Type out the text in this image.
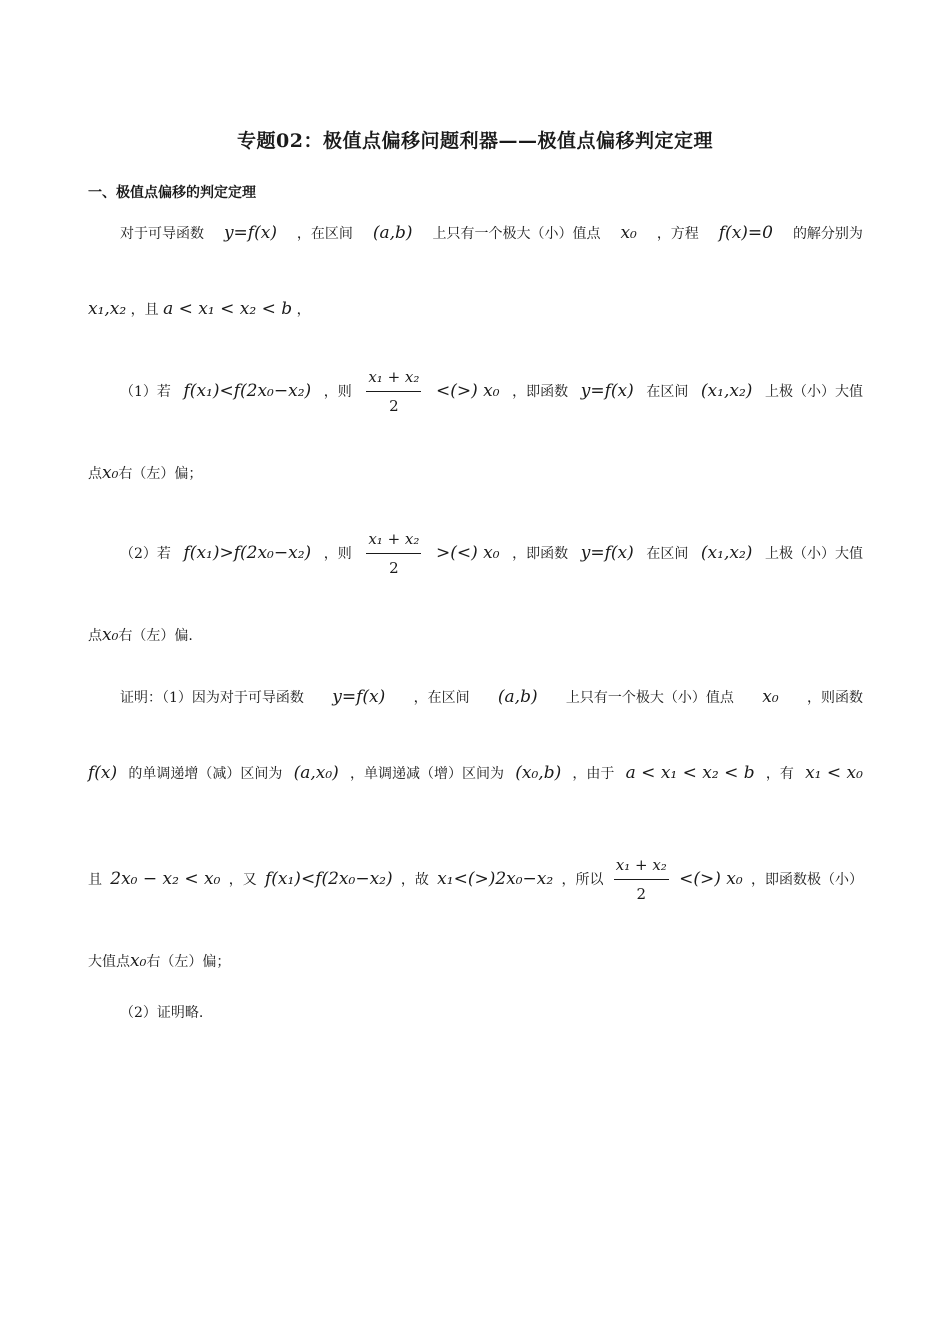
专题02：极值点偏移问题利器——极值点偏移判定定理
一、极值点偏移的判定定理
对于可导函数 y=f(x) ，在区间 (a,b) 上只有一个极大（小）值点 x₀ ，方程 f(x)=0 的解分别为
x₁,x₂ ，且 a < x₁ < x₂ < b ，
（1）若 f(x₁)<f(2x₀−x₂) ，则 $\frac{\text{x₁ + x₂}}{2}$ <(>) x₀ ，即函数 y=f(x) 在区间 (x₁,x₂) 上极（小）大值
点x₀右（左）偏；
（2）若 f(x₁)>f(2x₀−x₂) ，则 $\frac{\text{x₁ + x₂}}{2}$ >(<) x₀ ，即函数 y=f(x) 在区间 (x₁,x₂) 上极（小）大值
点x₀右（左）偏.
证明：（1）因为对于可导函数 y=f(x) ，在区间 (a,b) 上只有一个极大（小）值点 x₀ ，则函数
f(x) 的单调递增（减）区间为 (a,x₀) ，单调递减（增）区间为 (x₀,b) ，由于 a < x₁ < x₂ < b ，有 x₁ < x₀
且 2x₀ − x₂ < x₀ ，又 f(x₁)<f(2x₀−x₂) ，故 x₁<(>)2x₀−x₂ ，所以 $\frac{\text{x₁ + x₂}}{2}$ <(>) x₀ ，即函数极（小）
大值点x₀右（左）偏；
（2）证明略.
